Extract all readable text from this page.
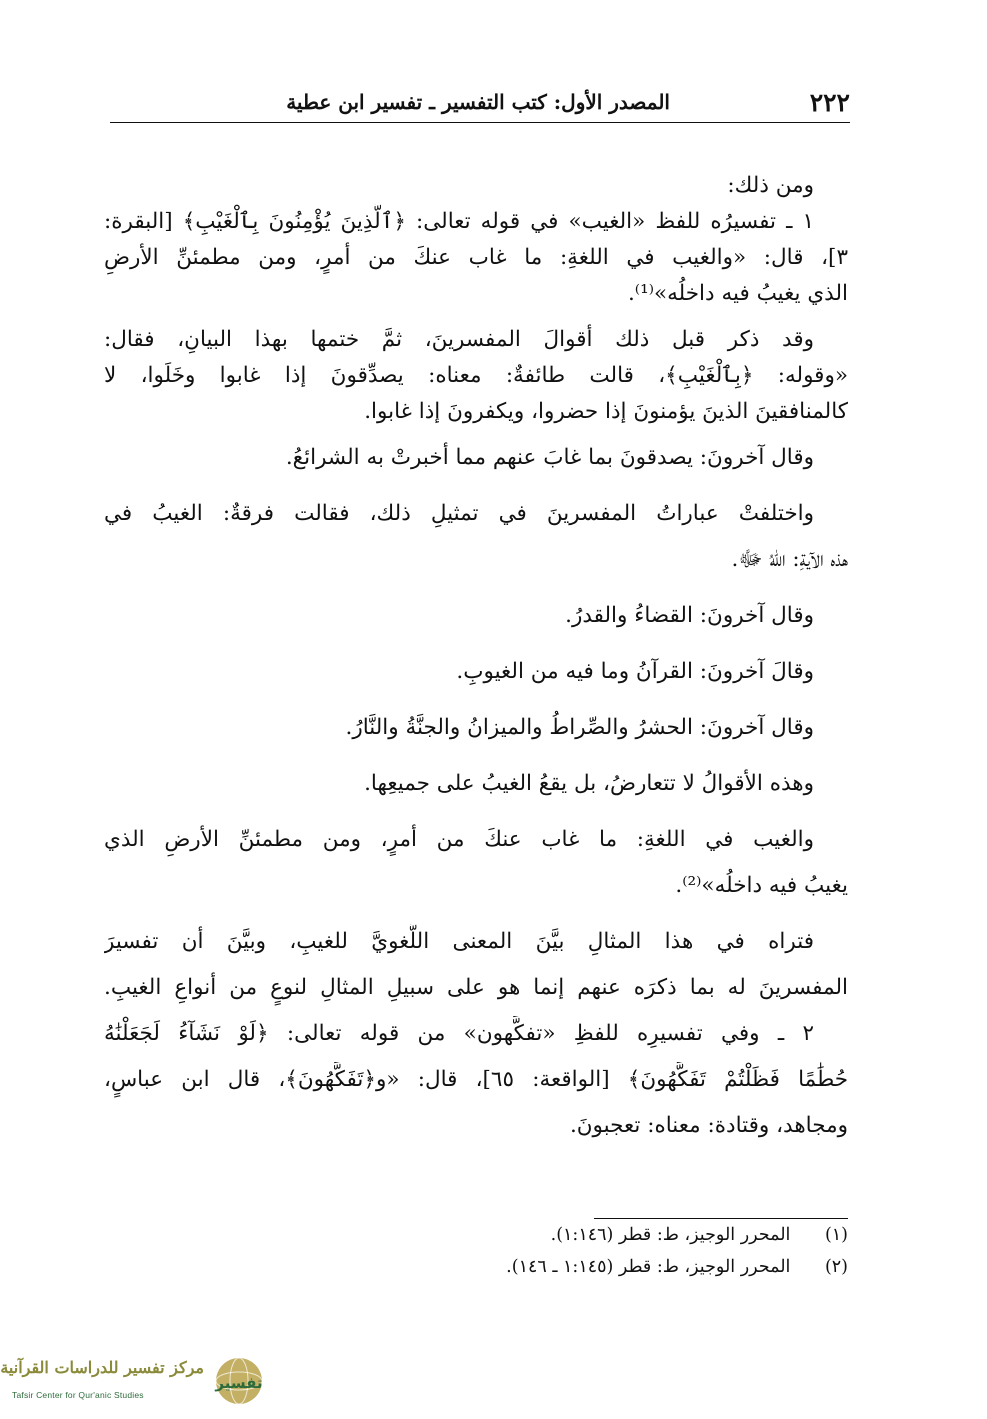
٢٢٢
المصدر الأول: كتب التفسير ـ تفسير ابن عطية
ومن ذلك:
١ ـ تفسيرُه للفظ «الغيب» في قوله تعالى: ﴿ٱلَّذِينَ يُؤْمِنُونَ بِٱلْغَيْبِ﴾ [البقرة:
٣]، قال: «والغيب في اللغةِ: ما غاب عنكَ من أمرٍ، ومن مطمئنِّ الأرضِ
الذي يغيبُ فيه داخلُه»⁽¹⁾.
وقد ذكر قبل ذلك أقوالَ المفسرينَ، ثمَّ ختمها بهذا البيانِ، فقال:
«وقوله: ﴿بِٱلْغَيْبِ﴾، قالت طائفةٌ: معناه: يصدِّقونَ إذا غابوا وخَلَوا، لا
كالمنافقينَ الذينَ يؤمنونَ إذا حضروا، ويكفرونَ إذا غابوا.
وقال آخرونَ: يصدقونَ بما غابَ عنهم مما أخبرتْ به الشرائعُ.
واختلفتْ عباراتُ المفسرينَ في تمثيلِ ذلك، فقالت فرقةٌ: الغيبُ في
هذه الآيةِ: اللهُ ﷻ.
وقال آخرونَ: القضاءُ والقدرُ.
وقالَ آخرونَ: القرآنُ وما فيه من الغيوبِ.
وقال آخرونَ: الحشرُ والصِّراطُ والميزانُ والجنَّةُ والنَّارُ.
وهذه الأقوالُ لا تتعارضُ، بل يقعُ الغيبُ على جميعِها.
والغيب في اللغةِ: ما غاب عنكَ من أمرٍ، ومن مطمئنِّ الأرضِ الذي
يغيبُ فيه داخلُه»⁽²⁾.
فتراه في هذا المثالِ بيَّنَ المعنى اللُّغويَّ للغيبِ، وبيَّنَ أن تفسيرَ
المفسرينَ له بما ذكرَه عنهم إنما هو على سبيلِ المثالِ لنوعٍ من أنواعِ الغيبِ.
٢ ـ وفي تفسيرِه للفظِ «تفكَّهون» من قوله تعالى: ﴿لَوْ نَشَآءُ لَجَعَلْنَٰهُ
حُطَٰمًا فَظَلْتُمْ تَفَكَّهُونَ﴾ [الواقعة: ٦٥]، قال: «و﴿تَفَكَّهُونَ﴾، قال ابن عباسٍ،
ومجاهد، وقتادة: معناه: تعجبونَ.
(١) المحرر الوجيز، ط: قطر (١:١٤٦).
(٢) المحرر الوجيز، ط: قطر (١:١٤٥ ـ ١٤٦).
تفسير
مركز تفسير للدراسات القرآنية
Tafsir Center for Qur'anic Studies
